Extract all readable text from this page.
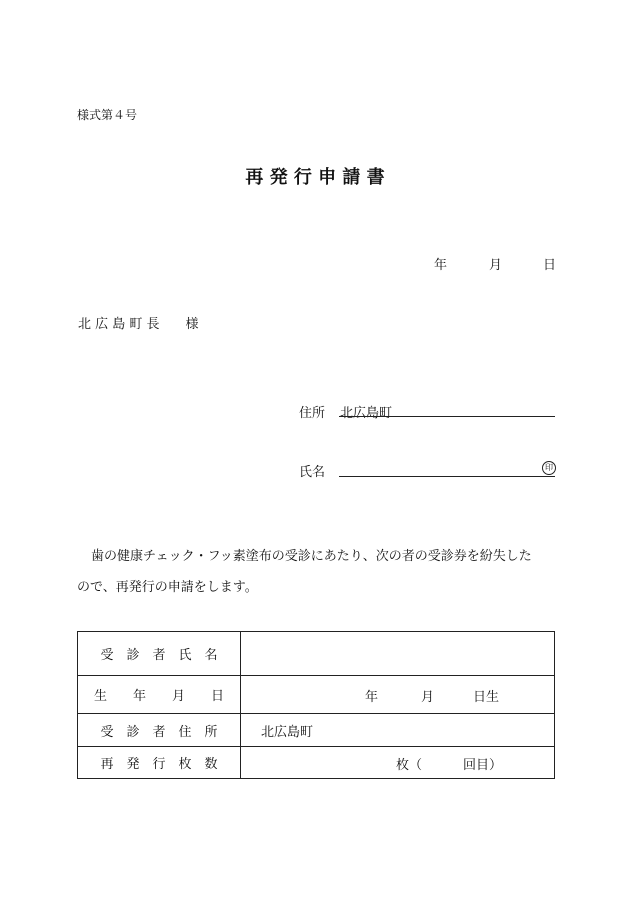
様式第４号
再 発 行 申 請 書
年	月	日
北 広 島 町 長　　様
住所 北広島町
氏名	印
歯の健康チェック・フッ素塗布の受診にあたり、次の者の受診券を紛失した
ので、再発行の申請をします。
受　診　者　氏　名	
生　　年　　月　　日	年 月 日生

受　診　者　住　所	北広島町
再　発　行　枚　数	枚（ 回目）
